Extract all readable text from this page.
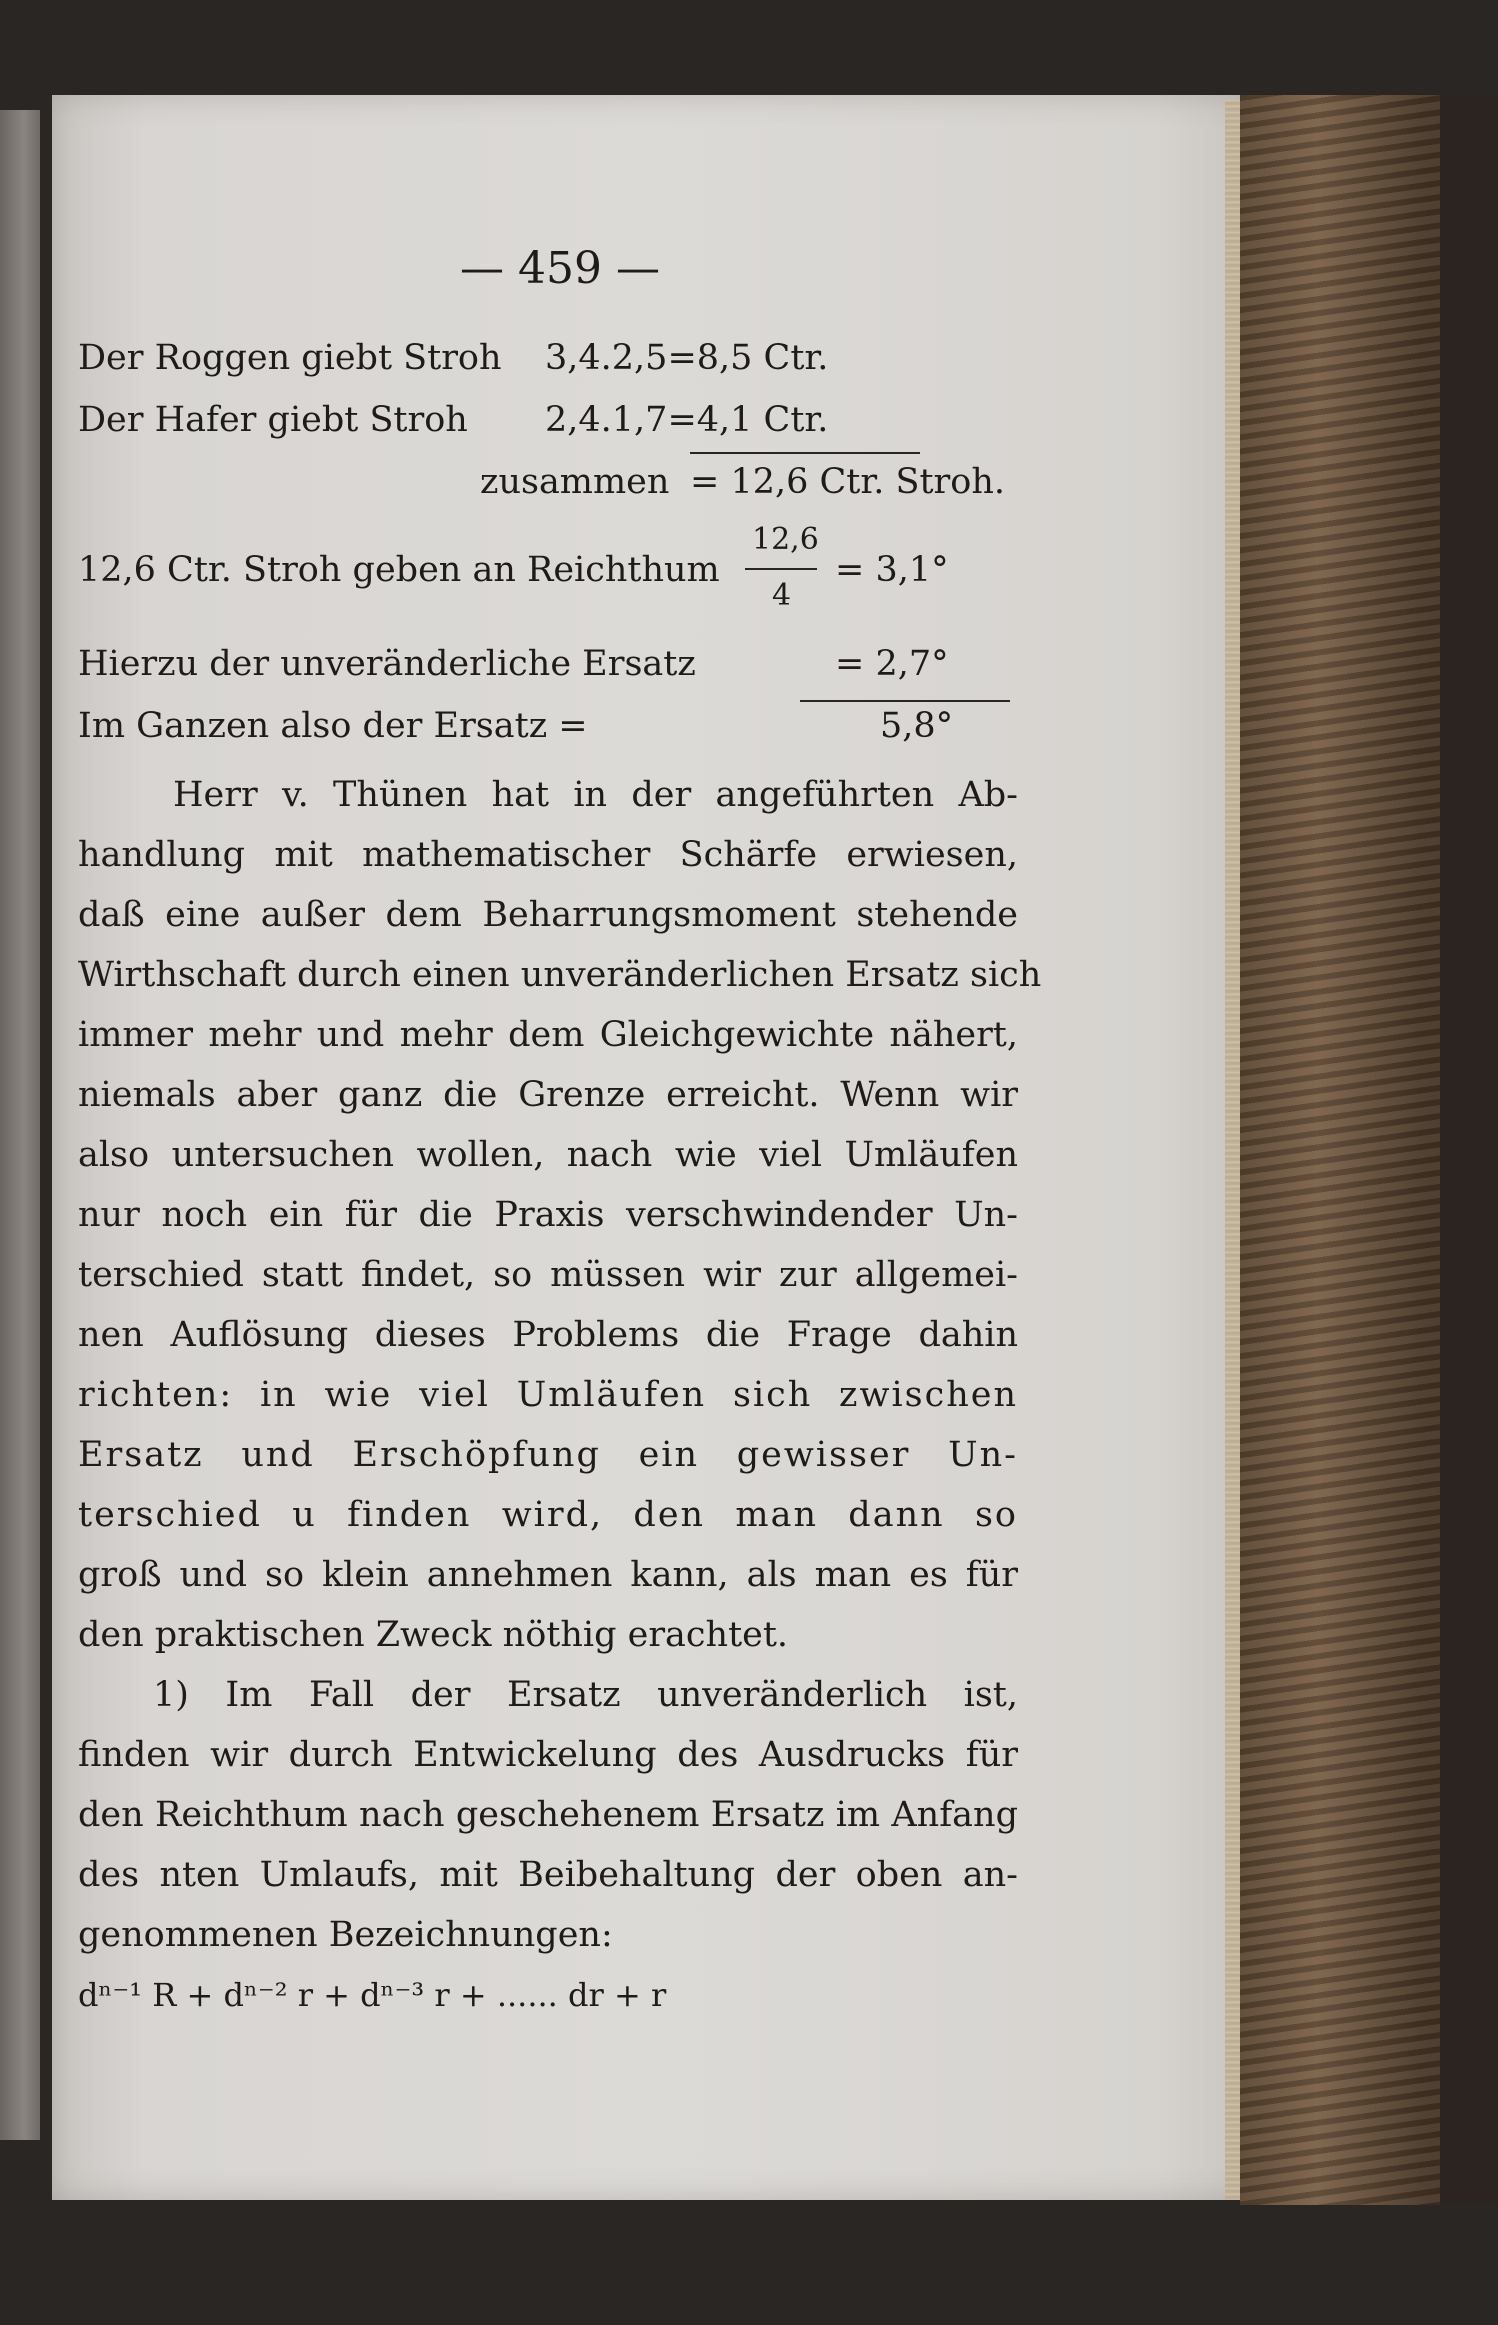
— 459 —
Der Roggen giebt Stroh 3,4.2,5=8,5 Ctr.
Der Hafer giebt Stroh 2,4.1,7=4,1 Ctr.
zusammen = 12,6 Ctr. Stroh.
12,6 Ctr. Stroh geben an Reichthum
12,6
4
= 3,1°
Hierzu der unveränderliche Ersatz	= 2,7°
Im Ganzen also der Ersatz =	5,8°
Herr v. Thünen hat in der angeführten Ab-
handlung mit mathematischer Schärfe erwiesen,
daß eine außer dem Beharrungsmoment stehende
Wirthschaft durch einen unveränderlichen Ersatz sich
immer mehr und mehr dem Gleichgewichte nähert,
niemals aber ganz die Grenze erreicht. Wenn wir
also untersuchen wollen, nach wie viel Umläufen
nur noch ein für die Praxis verschwindender Un-
terschied statt findet, so müssen wir zur allgemei-
nen Auflösung dieses Problems die Frage dahin
richten: in wie viel Umläufen sich zwischen
Ersatz und Erschöpfung ein gewisser Un-
terschied u finden wird, den man dann so
groß und so klein annehmen kann, als man es für
den praktischen Zweck nöthig erachtet.
1) Im Fall der Ersatz unveränderlich ist,
finden wir durch Entwickelung des Ausdrucks für
den Reichthum nach geschehenem Ersatz im Anfang
des nten Umlaufs, mit Beibehaltung der oben an-
genommenen Bezeichnungen:
dⁿ⁻¹ R + dⁿ⁻² r + dⁿ⁻³ r + ...... dr + r
